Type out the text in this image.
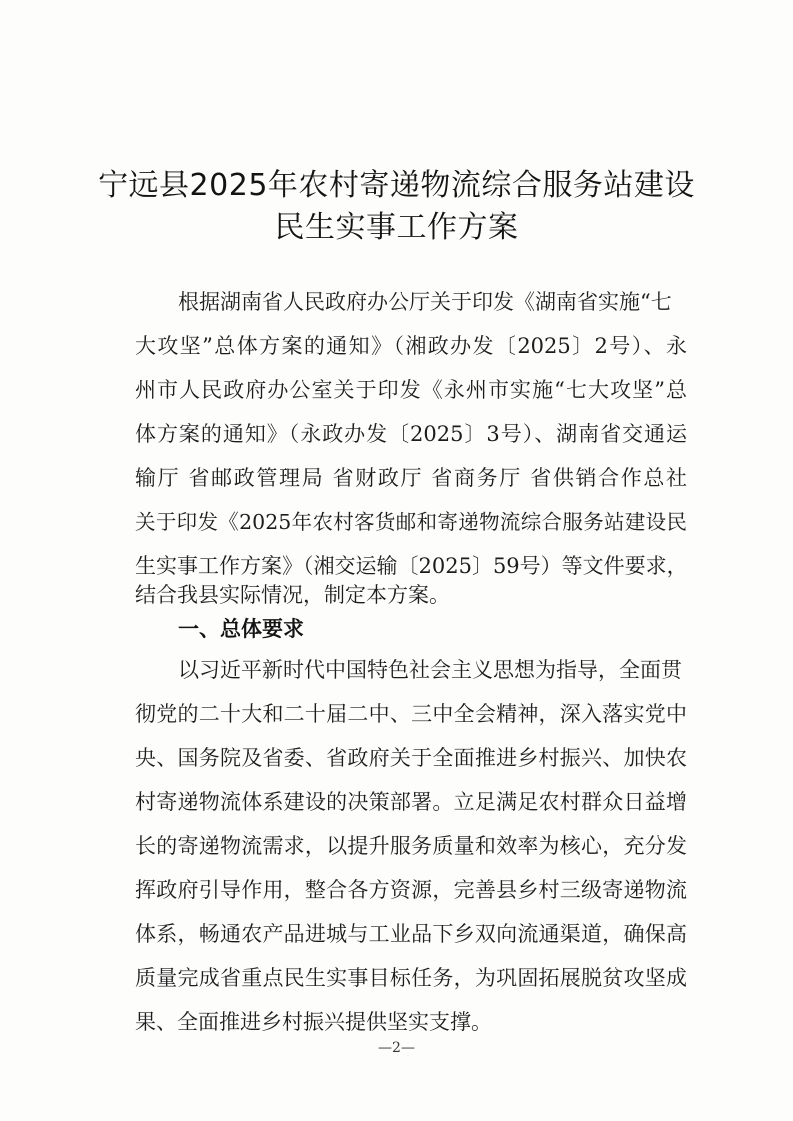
宁远县2025年农村寄递物流综合服务站建设
民生实事工作方案
根据湖南省人民政府办公厅关于印发《湖南省实施“七
大攻坚”总体方案的通知》（湘政办发〔2025〕2号）、永
州市人民政府办公室关于印发《永州市实施“七大攻坚”总
体方案的通知》（永政办发〔2025〕3号）、湖南省交通运
输厅 省邮政管理局 省财政厅 省商务厅 省供销合作总社
关于印发《2025年农村客货邮和寄递物流综合服务站建设民
生实事工作方案》（湘交运输〔2025〕59号）等文件要求，
结合我县实际情况，制定本方案。
一、总体要求
以习近平新时代中国特色社会主义思想为指导，全面贯
彻党的二十大和二十届二中、三中全会精神，深入落实党中
央、国务院及省委、省政府关于全面推进乡村振兴、加快农
村寄递物流体系建设的决策部署。立足满足农村群众日益增
长的寄递物流需求，以提升服务质量和效率为核心，充分发
挥政府引导作用，整合各方资源，完善县乡村三级寄递物流
体系，畅通农产品进城与工业品下乡双向流通渠道，确保高
质量完成省重点民生实事目标任务，为巩固拓展脱贫攻坚成
果、全面推进乡村振兴提供坚实支撑。
—2—
